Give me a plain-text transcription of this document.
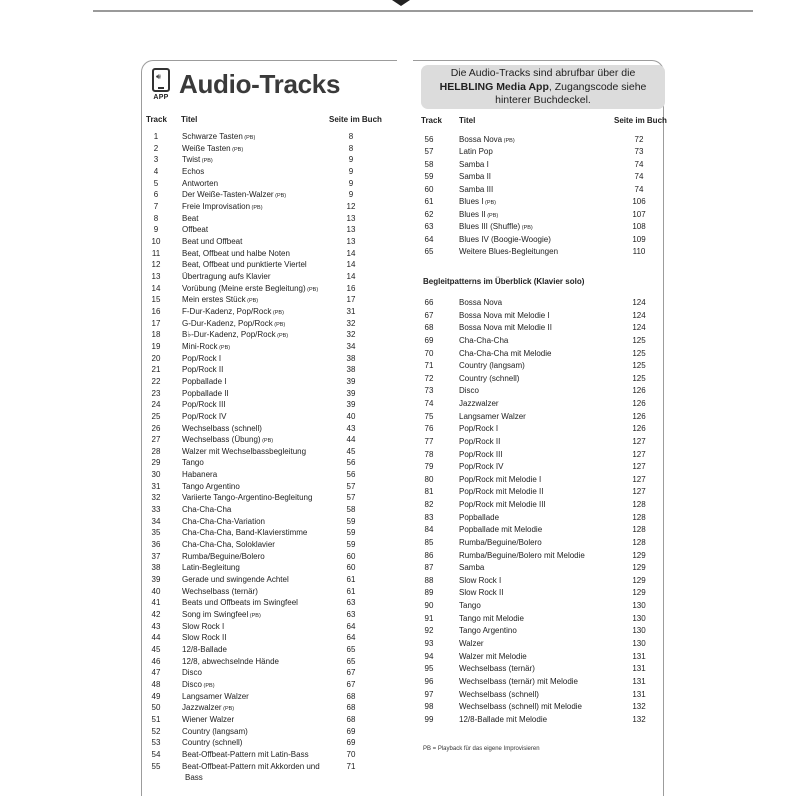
🔊︎
APP Audio-Tracks
Track Titel	Seite im Buch
Die Audio-Tracks sind abrufbar über die
HELBLING Media App, Zugangscode siehe
hinterer Buchdeckel.
Track Titel	Seite im Buch
Begleitpatterns im Überblick (Klavier solo)
PB = Playback für das eigene Improvisieren
1	Schwarze Tasten (PB)	8
2	Weiße Tasten (PB)	8
3	Twist (PB)	9
4	Echos	9
5	Antworten	9
6	Der Weiße-Tasten-Walzer (PB)	9
7	Freie Improvisation (PB)	12
8	Beat	13
9	Offbeat	13
10	Beat und Offbeat	13
11	Beat, Offbeat und halbe Noten	14
12	Beat, Offbeat und punktierte Viertel	14
13	Übertragung aufs Klavier	14
14	Vorübung (Meine erste Begleitung) (PB)	16
15	Mein erstes Stück (PB)	17
16	F-Dur-Kadenz, Pop/Rock (PB)	31
17	G-Dur-Kadenz, Pop/Rock (PB)	32
18	B♭-Dur-Kadenz, Pop/Rock (PB)	32
19	Mini-Rock (PB)	34
20	Pop/Rock I	38
21	Pop/Rock II	38
22	Popballade I	39
23	Popballade II	39
24	Pop/Rock III	39
25	Pop/Rock IV	40
26	Wechselbass (schnell)	43
27	Wechselbass (Übung) (PB)	44
28	Walzer mit Wechselbassbegleitung	45
29	Tango	56
30	Habanera	56
31	Tango Argentino	57
32	Variierte Tango-Argentino-Begleitung	57
33	Cha-Cha-Cha	58
34	Cha-Cha-Cha-Variation	59
35	Cha-Cha-Cha, Band-Klavierstimme	59
36	Cha-Cha-Cha, Soloklavier	59
37	Rumba/Beguine/Bolero	60
38	Latin-Begleitung	60
39	Gerade und swingende Achtel	61
40	Wechselbass (ternär)	61
41	Beats und Offbeats im Swingfeel	63
42	Song im Swingfeel (PB)	63
43	Slow Rock I	64
44	Slow Rock II	64
45	12/8-Ballade	65
46	12/8, abwechselnde Hände	65
47	Disco	67
48	Disco (PB)	67
49	Langsamer Walzer	68
50	Jazzwalzer (PB)	68
51	Wiener Walzer	68
52	Country (langsam)	69
53	Country (schnell)	69
54	Beat-Offbeat-Pattern mit Latin-Bass	70
55	Beat-Offbeat-Pattern mit Akkorden und	71
Bass
56	Bossa Nova (PB)	72
57	Latin Pop	73
58	Samba I	74
59	Samba II	74
60	Samba III	74
61	Blues I (PB)	106
62	Blues II (PB)	107
63	Blues III (Shuffle) (PB)	108
64	Blues IV (Boogie-Woogie)	109
65	Weitere Blues-Begleitungen	110
66	Bossa Nova	124
67	Bossa Nova mit Melodie I	124
68	Bossa Nova mit Melodie II	124
69	Cha-Cha-Cha	125
70	Cha-Cha-Cha mit Melodie	125
71	Country (langsam)	125
72	Country (schnell)	125
73	Disco	126
74	Jazzwalzer	126
75	Langsamer Walzer	126
76	Pop/Rock I	126
77	Pop/Rock II	127
78	Pop/Rock III	127
79	Pop/Rock IV	127
80	Pop/Rock mit Melodie I	127
81	Pop/Rock mit Melodie II	127
82	Pop/Rock mit Melodie III	128
83	Popballade	128
84	Popballade mit Melodie	128
85	Rumba/Beguine/Bolero	128
86	Rumba/Beguine/Bolero mit Melodie	129
87	Samba	129
88	Slow Rock I	129
89	Slow Rock II	129
90	Tango	130
91	Tango mit Melodie	130
92	Tango Argentino	130
93	Walzer	130
94	Walzer mit Melodie	131
95	Wechselbass (ternär)	131
96	Wechselbass (ternär) mit Melodie	131
97	Wechselbass (schnell)	131
98	Wechselbass (schnell) mit Melodie	132
99	12/8-Ballade mit Melodie	132
